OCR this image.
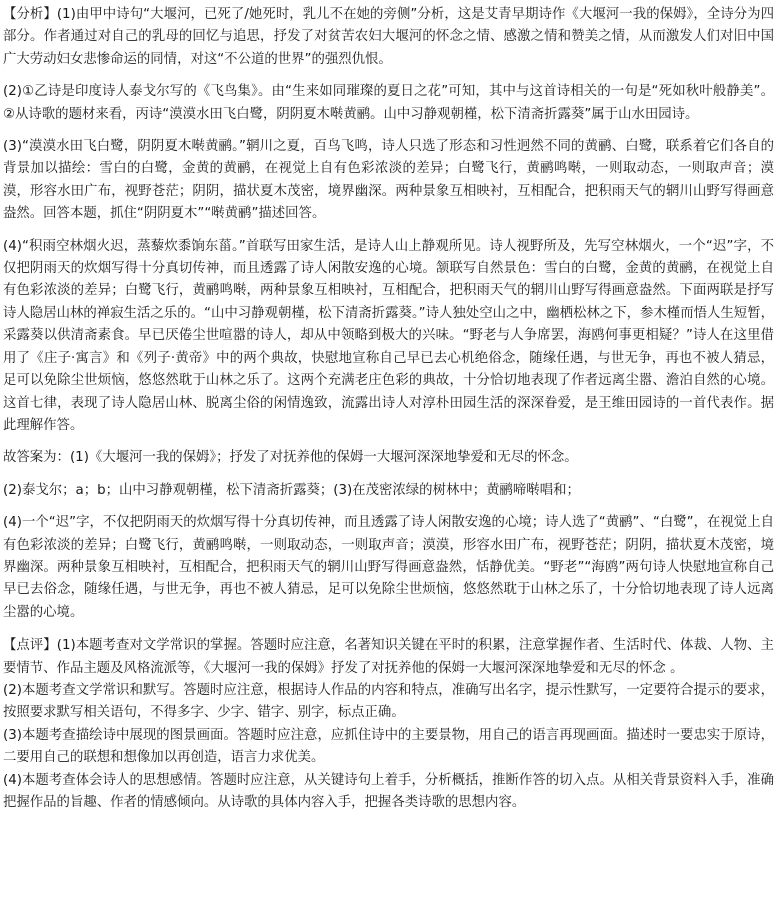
【分析】(1)由甲中诗句“大堰河，已死了/她死时，乳儿不在她的旁侧”分析，这是艾青早期诗作《大堰河一我的保姆》，全诗分为四部分。作者通过对自己的乳母的回忆与追思，抒发了对贫苦农妇大堰河的怀念之情、感激之情和赞美之情，从而激发人们对旧中国广大劳动妇女悲惨命运的同情，对这“不公道的世界”的强烈仇恨。

(2)①乙诗是印度诗人泰戈尔写的《飞鸟集》。由“生来如同璀璨的夏日之花”可知，其中与这首诗相关的一句是“死如秋叶般静美”。②从诗歌的题材来看，丙诗“漠漠水田飞白鹭，阴阴夏木啭黄鹂。山中习静观朝槿，松下清斋折露葵”属于山水田园诗。

(3)“漠漠水田飞白鹭，阴阴夏木啭黄鹂。”辋川之夏，百鸟飞鸣，诗人只选了形态和习性迥然不同的黄鹂、白鹭，联系着它们各自的背景加以描绘：雪白的白鹭，金黄的黄鹂，在视觉上自有色彩浓淡的差异；白鹭飞行，黄鹂鸣啭，一则取动态，一则取声音；漠漠，形容水田广布，视野苍茫；阴阴，描状夏木茂密，境界幽深。两种景象互相映衬，互相配合，把积雨天气的辋川山野写得画意盎然。回答本题，抓住“阴阴夏木”“啭黄鹂”描述回答。

(4)“积雨空林烟火迟，蒸藜炊黍饷东菑。”首联写田家生活，是诗人山上静观所见。诗人视野所及，先写空林烟火，一个“迟”字，不仅把阴雨天的炊烟写得十分真切传神，而且透露了诗人闲散安逸的心境。颔联写自然景色：雪白的白鹭，金黄的黄鹂，在视觉上自有色彩浓淡的差异；白鹭飞行，黄鹂鸣啭，两种景象互相映衬，互相配合，把积雨天气的辋川山野写得画意盎然。下面两联是抒写诗人隐居山林的禅寂生活之乐的。“山中习静观朝槿，松下清斋折露葵。”诗人独处空山之中，幽栖松林之下，参木槿而悟人生短暂，采露葵以供清斋素食。早已厌倦尘世喧嚣的诗人，却从中领略到极大的兴味。“野老与人争席罢，海鸥何事更相疑？”诗人在这里借用了《庄子·寓言》和《列子·黄帝》中的两个典故，快慰地宣称自己早已去心机绝俗念，随缘任遇，与世无争，再也不被人猜忌，足可以免除尘世烦恼，悠悠然耽于山林之乐了。这两个充满老庄色彩的典故，十分恰切地表现了作者远离尘嚣、澹泊自然的心境。这首七律，表现了诗人隐居山林、脱离尘俗的闲情逸致，流露出诗人对淳朴田园生活的深深眷爱，是王维田园诗的一首代表作。据此理解作答。

故答案为：(1)《大堰河一我的保姆》；抒发了对抚养他的保姆一大堰河深深地挚爱和无尽的怀念。

(2)泰戈尔；a；b；山中习静观朝槿，松下清斋折露葵；(3)在茂密浓绿的树林中；黄鹂啼啭唱和；

(4)一个“迟”字，不仅把阴雨天的炊烟写得十分真切传神，而且透露了诗人闲散安逸的心境；诗人选了“黄鹂”、“白鹭”，在视觉上自有色彩浓淡的差异；白鹭飞行，黄鹂鸣啭，一则取动态，一则取声音；漠漠，形容水田广布，视野苍茫；阴阴，描状夏木茂密，境界幽深。两种景象互相映衬，互相配合，把积雨天气的辋川山野写得画意盎然，恬静优美。“野老”“海鸥”两句诗人快慰地宣称自己早已去俗念，随缘任遇，与世无争，再也不被人猜忌，足可以免除尘世烦恼，悠悠然耽于山林之乐了，十分恰切地表现了诗人远离尘嚣的心境。

【点评】(1)本题考查对文学常识的掌握。答题时应注意，名著知识关键在平时的积累，注意掌握作者、生活时代、体裁、人物、主要情节、作品主题及风格流派等，《大堰河一我的保姆》抒发了对抚养他的保姆一大堰河深深地挚爱和无尽的怀念 。

(2)本题考查文学常识和默写。答题时应注意，根据诗人作品的内容和特点，准确写出名字，提示性默写，一定要符合提示的要求，按照要求默写相关语句，不得多字、少字、错字、别字，标点正确。

(3)本题考查描绘诗中展现的图景画面。答题时应注意，应抓住诗中的主要景物，用自己的语言再现画面。描述时一要忠实于原诗，二要用自己的联想和想像加以再创造，语言力求优美。

(4)本题考查体会诗人的思想感情。答题时应注意，从关键诗句上着手，分析概括，推断作答的切入点。从相关背景资料入手，准确把握作品的旨趣、作者的情感倾向。从诗歌的具体内容入手，把握各类诗歌的思想内容。
